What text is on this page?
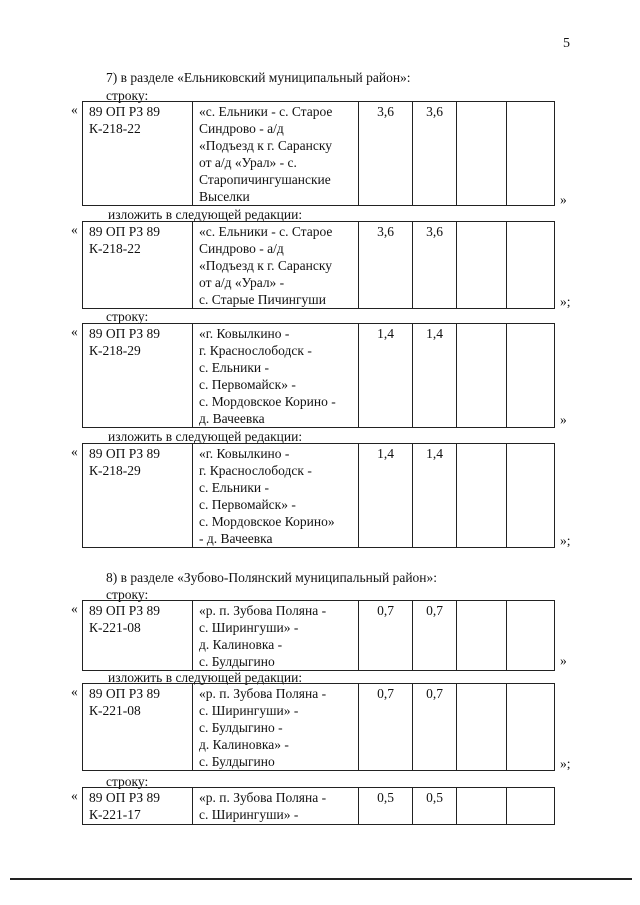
5
7) в разделе «Ельниковский муниципальный район»:
строку:
« 89 ОП РЗ 89
К-218-22

«с. Ельники - с. Старое
Синдрово - а/д
«Подъезд к г. Саранску
от а/д «Урал» - с.
Старопичингушанские
Выселки
	3,6	3,6		
»
изложить в следующей редакции:
« 89 ОП РЗ 89
К-218-22

«с. Ельники - с. Старое
Синдрово - а/д
«Подъезд к г. Саранску
от а/д «Урал» -
с. Старые Пичингуши
	3,6	3,6		
»;
строку:
« 89 ОП РЗ 89
К-218-29

«г. Ковылкино -
г. Краснослободск -
с. Ельники -
с. Первомайск» -
с. Мордовское Корино -
д. Вачеевка
	1,4	1,4		
»
изложить в следующей редакции:
« 89 ОП РЗ 89
К-218-29

«г. Ковылкино -
г. Краснослободск -
с. Ельники -
с. Первомайск» -
с. Мордовское Корино»
- д. Вачеевка
	1,4	1,4		
»;
8) в разделе «Зубово-Полянский муниципальный район»:
строку:
« 89 ОП РЗ 89
К-221-08

«р. п. Зубова Поляна -
с. Ширингуши» -
д. Калиновка -
с. Булдыгино
	0,7	0,7		
»
изложить в следующей редакции:
« 89 ОП РЗ 89
К-221-08

«р. п. Зубова Поляна -
с. Ширингуши» -
с. Булдыгино -
д. Калиновка» -
с. Булдыгино
	0,7	0,7		
»;
строку:
« 89 ОП РЗ 89
К-221-17

«р. п. Зубова Поляна -
с. Ширингуши» -
	0,5	0,5		
